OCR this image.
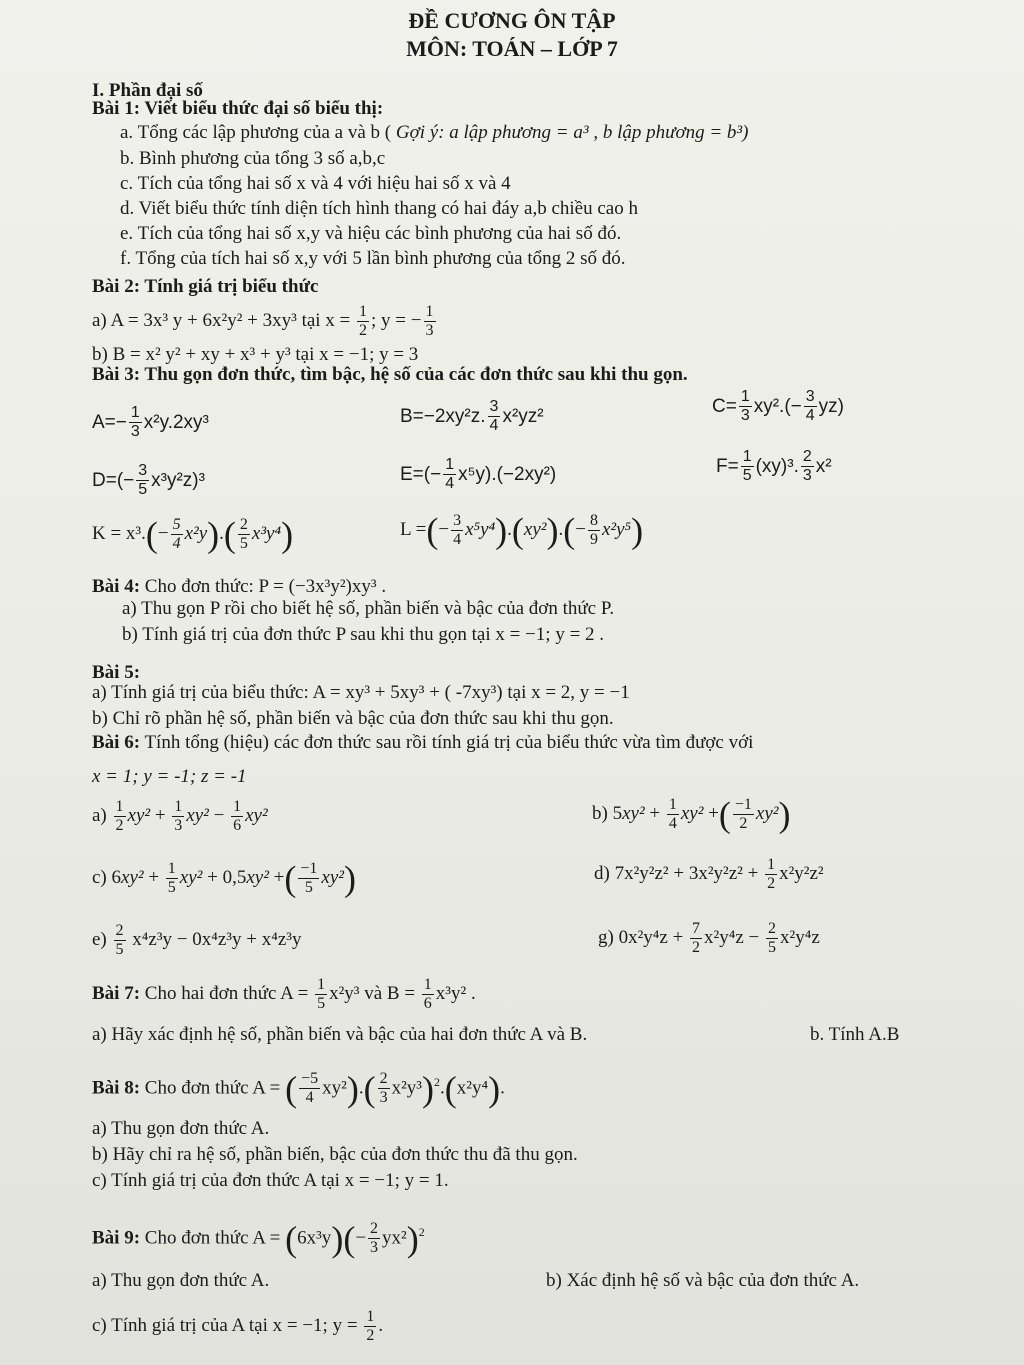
ĐỀ CƯƠNG ÔN TẬP
MÔN: TOÁN – LỚP 7
I. Phần đại số
Bài 1: Viết biểu thức đại số biểu thị:
a. Tổng các lập phương của a và b ( Gợi ý: a lập phương = a³ , b lập phương = b³)
b. Bình phương của tổng 3 số a,b,c
c. Tích của tổng hai số x và 4 với hiệu hai số x và 4
d. Viết biểu thức tính diện tích hình thang có hai đáy a,b chiều cao h
e. Tích của tổng hai số x,y và hiệu các bình phương của hai số đó.
f. Tổng của tích hai số x,y với 5 lần bình phương của tổng 2 số đó.
Bài 2: Tính giá trị biểu thức
a) A = 3x³ y + 6x²y² + 3xy³ tại $x = \frac{1}{2}$ ; y = − $\frac{1}{3}$
b) B = x² y² + xy + x³ + y³ tại x = −1; y = 3
Bài 3: Thu gọn đơn thức, tìm bậc, hệ số của các đơn thức sau khi thu gọn.
$A=- \frac{1}{3} x^2y.2xy^3$	B=−2xy²z. $\frac{3}{4} x^2yz^2$	$C= \frac{1}{3} xy^2.(- \frac{3}{4} yz)$
$D=(- \frac{3}{5} x^3y^2z)^3$	$E=(- \frac{1}{4} x^5y).(-2xy^2)$	$F= \frac{1}{5} (xy)^3$. $\frac{2}{3} x^2$
$K = x^3.(- \frac{5}{4} x^2y).( \frac{2}{5} x^3y^4)$	L =(− $\frac{3}{4} x^5y^4).(xy^2).(- \frac{8}{9} x^2y^5)$
Bài 4: Cho đơn thức: P = (−3x³y²)xy³ .
a) Thu gọn P rồi cho biết hệ số, phần biến và bậc của đơn thức P.
b) Tính giá trị của đơn thức P sau khi thu gọn tại x = −1; y = 2 .
Bài 5:
a) Tính giá trị của biểu thức: A = xy³ + 5xy³ + ( -7xy³) tại x = 2, y = −1
b) Chỉ rõ phần hệ số, phần biến và bậc của đơn thức sau khi thu gọn.
Bài 6: Tính tổng (hiệu) các đơn thức sau rồi tính giá trị của biểu thức vừa tìm được với
x = 1; y = -1; z = -1
$a) \frac{1}{2} xy^2 + \frac{1}{3} xy^2 - \frac{1}{6} xy^2$	b) $5xy^2 + \frac{1}{4} xy^2$ +( $\frac{-1}{2} xy^2$)
c) $6xy^2 + \frac{1}{5} xy^2 + 0,5xy^2$ +( $\frac{-1}{5} xy^2$)	d) $7x^2y^2z^2 + 3x^2y^2z^2 + \frac{1}{2} x^2y^2z^2$
$e) \frac{2}{5} x^4z^3y - 0x^4z^3y + x^4z^3y$	g) $0x^2y^4z + \frac{7}{2} x^2y^4z - \frac{2}{5} x^2y^4z$
Bài 7: Cho hai đơn thức $A = \frac{1}{5} x^2y^3$ và $B = \frac{1}{6} x^3y^2$ .
a) Hãy xác định hệ số, phần biến và bậc của hai đơn thức A và B.	b. Tính A.B
Bài 8: Cho đơn thức A = ( $\frac{-5}{4} xy^2).( \frac{2}{3} x^2y^3)^2.(x^2y^4)$.
a) Thu gọn đơn thức A.
b) Hãy chỉ ra hệ số, phần biến, bậc của đơn thức thu đã thu gọn.
c) Tính giá trị của đơn thức A tại x = −1; y = 1.
Bài 9: Cho đơn thức $A = (6x^3y)(- \frac{2}{3} yx^2)^2$
a) Thu gọn đơn thức A.	b) Xác định hệ số và bậc của đơn thức A.
c) Tính giá trị của A tại x = −1; $y = \frac{1}{2}$ .
